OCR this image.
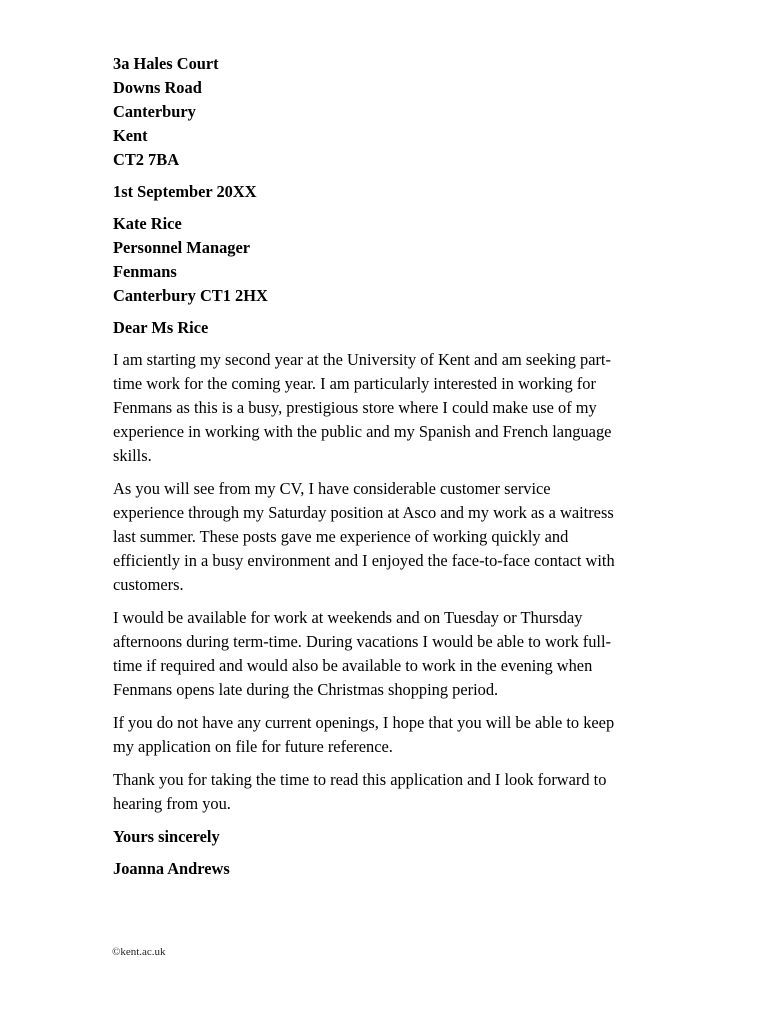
3a Hales Court
Downs Road
Canterbury
Kent
CT2 7BA
1st September 20XX
Kate Rice
Personnel Manager
Fenmans
Canterbury CT1 2HX
Dear Ms Rice
I am starting my second year at the University of Kent and am seeking part-
time work for the coming year. I am particularly interested in working for
Fenmans as this is a busy, prestigious store where I could make use of my
experience in working with the public and my Spanish and French language
skills.
As you will see from my CV, I have considerable customer service
experience through my Saturday position at Asco and my work as a waitress
last summer. These posts gave me experience of working quickly and
efficiently in a busy environment and I enjoyed the face-to-face contact with
customers.
I would be available for work at weekends and on Tuesday or Thursday
afternoons during term-time. During vacations I would be able to work full-
time if required and would also be available to work in the evening when
Fenmans opens late during the Christmas shopping period.
If you do not have any current openings, I hope that you will be able to keep
my application on file for future reference.
Thank you for taking the time to read this application and I look forward to
hearing from you.
Yours sincerely
Joanna Andrews
©kent.ac.uk
